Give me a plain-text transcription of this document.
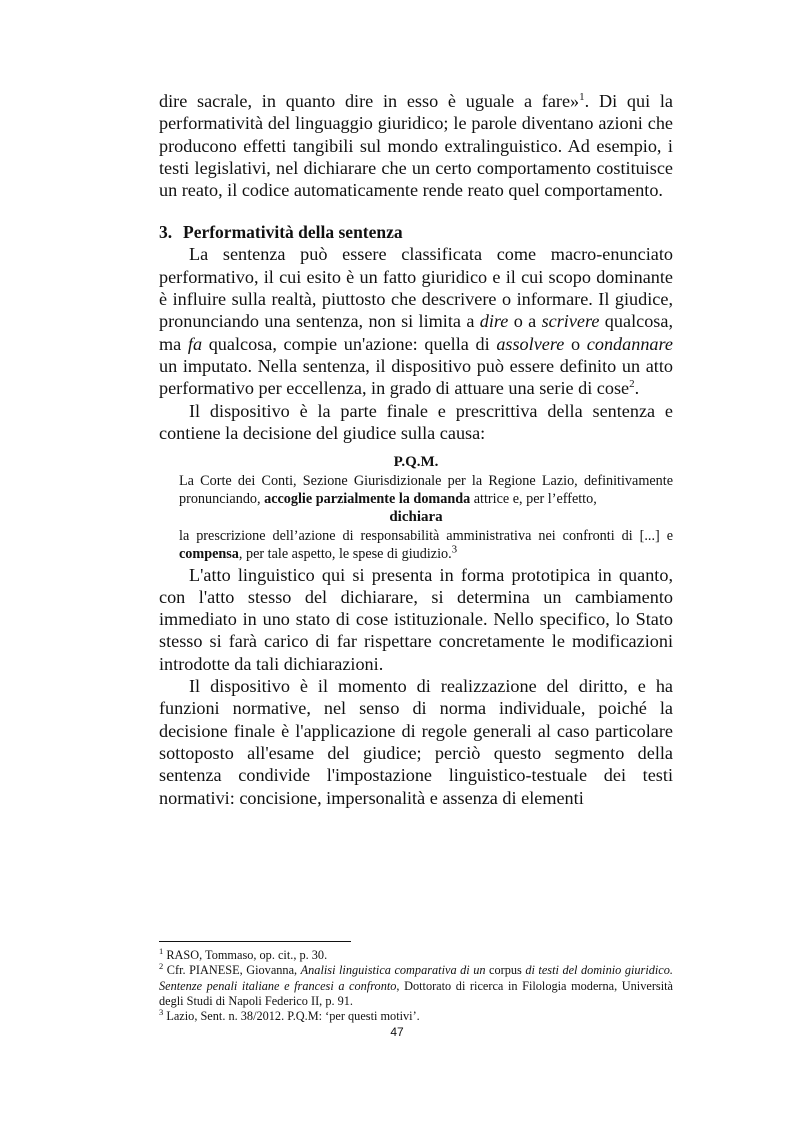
dire sacrale, in quanto dire in esso è uguale a fare»$^1$. Di qui la performatività del linguaggio giuridico; le parole diventano azioni che producono effetti tangibili sul mondo extralinguistico. Ad esempio, i testi legislativi, nel dichiarare che un certo comportamento costituisce un reato, il codice automaticamente rende reato quel comportamento.

3. Performatività della sentenza

La sentenza può essere classificata come macro-enunciato performativo, il cui esito è un fatto giuridico e il cui scopo dominante è influire sulla realtà, piuttosto che descrivere o informare. Il giudice, pronunciando una sentenza, non si limita a dire o a scrivere qualcosa, ma fa qualcosa, compie un'azione: quella di assolvere o condannare un imputato. Nella sentenza, il dispositivo può essere definito un atto performativo per eccellenza, in grado di attuare una serie di cose$^2$.

Il dispositivo è la parte finale e prescrittiva della sentenza e contiene la decisione del giudice sulla causa:

P.Q.M.

La Corte dei Conti, Sezione Giurisdizionale per la Regione Lazio, definitivamente pronunciando, accoglie parzialmente la domanda attrice e, per l’effetto,

dichiara

la prescrizione dell’azione di responsabilità amministrativa nei confronti di [...] e compensa, per tale aspetto, le spese di giudizio.$^3$

L'atto linguistico qui si presenta in forma prototipica in quanto, con l'atto stesso del dichiarare, si determina un cambiamento immediato in uno stato di cose istituzionale. Nello specifico, lo Stato stesso si farà carico di far rispettare concretamente le modificazioni introdotte da tali dichiarazioni.

Il dispositivo è il momento di realizzazione del diritto, e ha funzioni normative, nel senso di norma individuale, poiché la decisione finale è l'applicazione di regole generali al caso particolare sottoposto all'esame del giudice; perciò questo segmento della sentenza condivide l'impostazione linguistico-testuale dei testi normativi: concisione, impersonalità e assenza di elementi

$^1$ RASO, Tommaso, op. cit., p. 30.

$^2$ Cfr. PIANESE, Giovanna, Analisi linguistica comparativa di un corpus di testi del dominio giuridico. Sentenze penali italiane e francesi a confronto, Dottorato di ricerca in Filologia moderna, Università degli Studi di Napoli Federico II, p. 91.

$^3$ Lazio, Sent. n. 38/2012. P.Q.M: ‘per questi motivi’.

47
